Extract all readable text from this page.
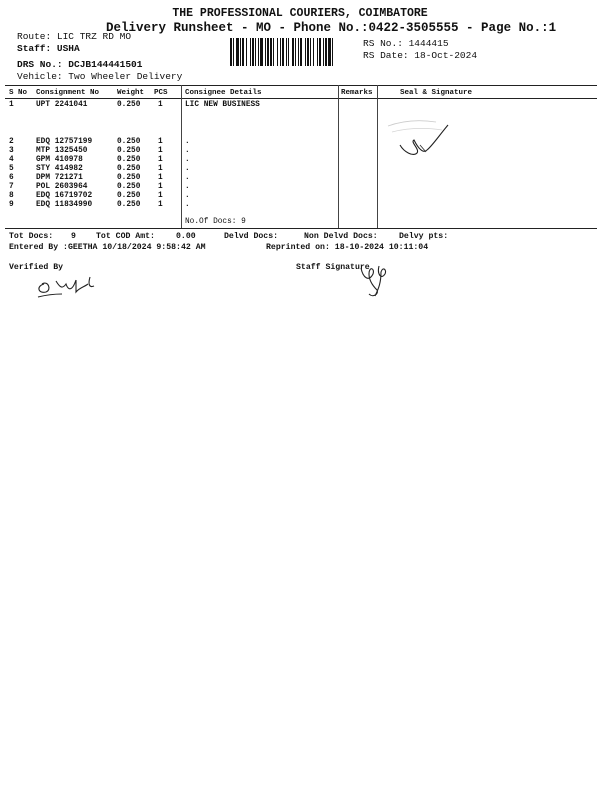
THE PROFESSIONAL COURIERS, COIMBATORE
Delivery Runsheet - MO - Phone No.:0422-3505555 - Page No.:1
Route: LIC TRZ RD MO
Staff: USHA
DRS No.: DCJB144441501
Vehicle: Two Wheeler Delivery
RS No.: 1444415
RS Date: 18-Oct-2024
S No Consignment No Weight PCS Consignee Details	Remarks	Seal & Signature
1	UPT 2241041	0.250 1	LIC NEW BUSINESS
2	EDQ 12757199	0.250 1	.
3	MTP 1325450	0.250 1	.
4	GPM 410978	0.250 1	.
5	STY 414982	0.250 1	.
6	DPM 721271	0.250 1	.
7	POL 2603964	0.250 1	.
8	EDQ 16719702	0.250 1	.
9	EDQ 11834990	0.250 1	.
No.Of Docs: 9
Tot Docs: 9 Tot COD Amt:	0.00	Delvd Docs:	Non Delvd Docs:	Delvy pts:
Entered By :GEETHA 10/18/2024 9:58:42 AM	Reprinted on: 18-10-2024 10:11:04
Verified By	Staff Signature
